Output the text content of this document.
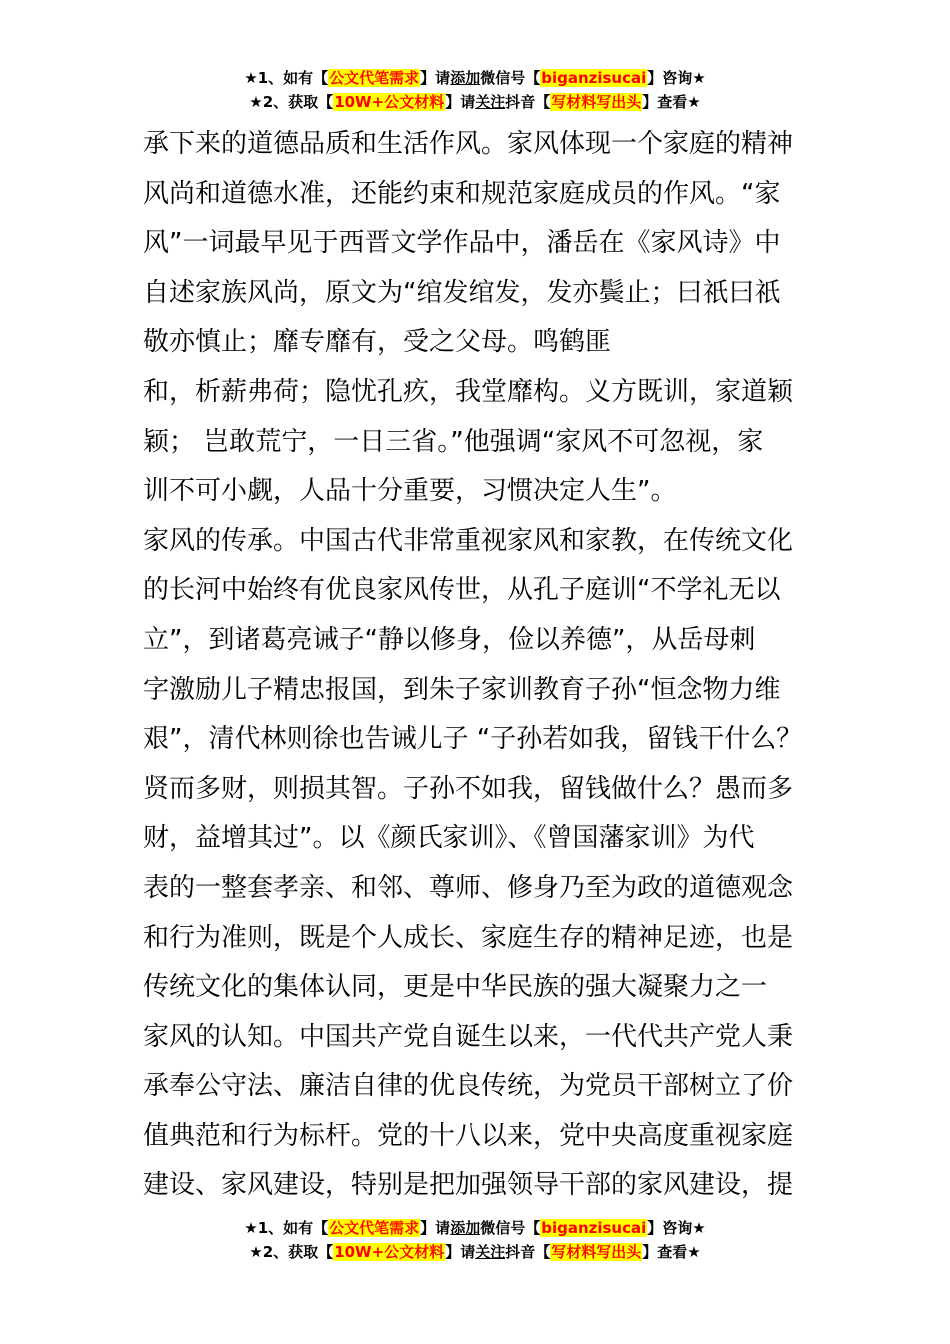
★1、如有【公文代笔需求】请添加微信号【biganzisucai】咨询★
★2、获取【10W+公文材料】请关注抖音【写材料写出头】查看★
承下来的道德品质和生活作风。家风体现一个家庭的精神
风尚和道德水准，还能约束和规范家庭成员的作风。“家
风”一词最早见于西晋文学作品中，潘岳在《家风诗》中
自述家族风尚，原文为“绾发绾发，发亦鬓止；曰祇曰祇
敬亦慎止；靡专靡有，受之父母。鸣鹤匪
和，析薪弗荷；隐忧孔疚，我堂靡构。义方既训，家道颖
颖； 岂敢荒宁，一日三省。”他强调“家风不可忽视，家
训不可小觑，人品十分重要，习惯决定人生”。
家风的传承。中国古代非常重视家风和家教，在传统文化
的长河中始终有优良家风传世，从孔子庭训“不学礼无以
立”，到诸葛亮诫子“静以修身，俭以养德”，从岳母刺
字激励儿子精忠报国，到朱子家训教育子孙“恒念物力维
艰”，清代林则徐也告诫儿子 “子孙若如我，留钱干什么？
贤而多财，则损其智。子孙不如我，留钱做什么？愚而多
财，益增其过”。以《颜氏家训》、《曾国藩家训》为代
表的一整套孝亲、和邻、尊师、修身乃至为政的道德观念
和行为准则，既是个人成长、家庭生存的精神足迹，也是
传统文化的集体认同，更是中华民族的强大凝聚力之一
家风的认知。中国共产党自诞生以来，一代代共产党人秉
承奉公守法、廉洁自律的优良传统，为党员干部树立了价
值典范和行为标杆。党的十八以来，党中央高度重视家庭
建设、家风建设，特别是把加强领导干部的家风建设，提
★1、如有【公文代笔需求】请添加微信号【biganzisucai】咨询★
★2、获取【10W+公文材料】请关注抖音【写材料写出头】查看★
